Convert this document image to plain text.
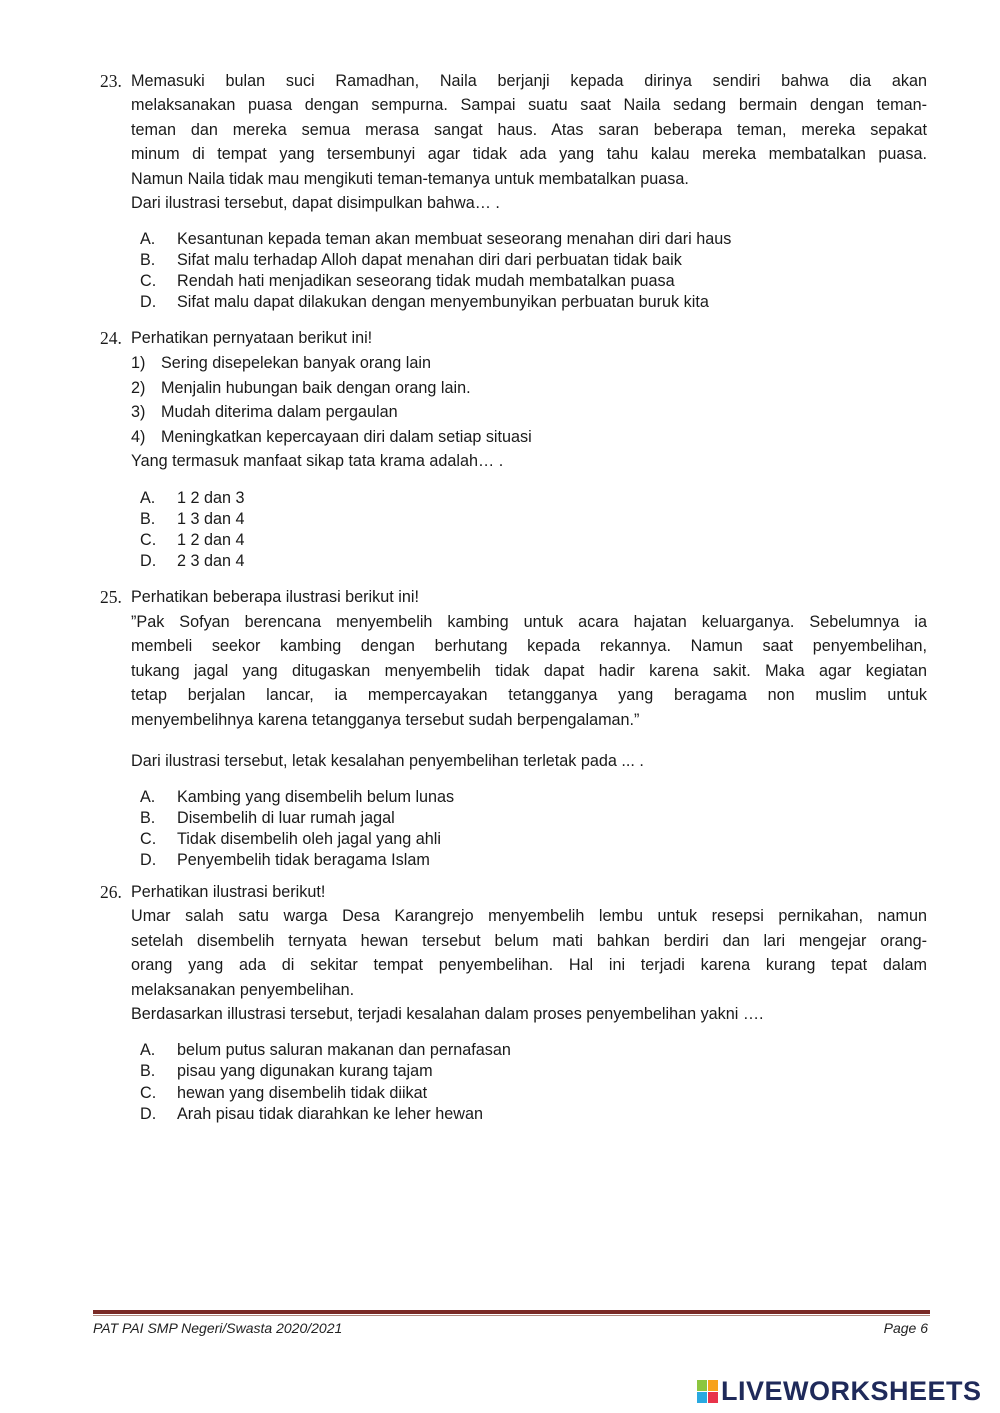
23. Memasuki bulan suci Ramadhan, Naila berjanji kepada dirinya sendiri bahwa dia akan
melaksanakan puasa dengan sempurna. Sampai suatu saat Naila sedang bermain dengan teman-
teman dan mereka semua merasa sangat haus. Atas saran beberapa teman, mereka sepakat
minum di tempat yang tersembunyi agar tidak ada yang tahu kalau mereka membatalkan puasa.
Namun Naila tidak mau mengikuti teman-temanya untuk membatalkan puasa.
Dari ilustrasi tersebut, dapat disimpulkan bahwa… .
A. Kesantunan kepada teman akan membuat seseorang menahan diri dari haus
B. Sifat malu terhadap Alloh dapat menahan diri dari perbuatan tidak baik
C. Rendah hati menjadikan seseorang tidak mudah membatalkan puasa
D. Sifat malu dapat dilakukan dengan menyembunyikan perbuatan buruk kita
24. Perhatikan pernyataan berikut ini!
1) Sering disepelekan banyak orang lain
2) Menjalin hubungan baik dengan orang lain.
3) Mudah diterima dalam pergaulan
4) Meningkatkan kepercayaan diri dalam setiap situasi
Yang termasuk manfaat sikap tata krama adalah… .
A. 1 2 dan 3
B. 1 3 dan 4
C. 1 2 dan 4
D. 2 3 dan 4
25. Perhatikan beberapa ilustrasi berikut ini!
”Pak Sofyan berencana menyembelih kambing untuk acara hajatan keluarganya. Sebelumnya ia
membeli seekor kambing dengan berhutang kepada rekannya. Namun saat penyembelihan,
tukang jagal yang ditugaskan menyembelih tidak dapat hadir karena sakit. Maka agar kegiatan
tetap berjalan lancar, ia mempercayakan tetangganya yang beragama non muslim untuk
menyembelihnya karena tetangganya tersebut sudah berpengalaman.”
Dari ilustrasi tersebut, letak kesalahan penyembelihan terletak pada ... .
A. Kambing yang disembelih belum lunas
B. Disembelih di luar rumah jagal
C. Tidak disembelih oleh jagal yang ahli
D. Penyembelih tidak beragama Islam
26. Perhatikan ilustrasi berikut!
Umar salah satu warga Desa Karangrejo menyembelih lembu untuk resepsi pernikahan, namun
setelah disembelih ternyata hewan tersebut belum mati bahkan berdiri dan lari mengejar orang-
orang yang ada di sekitar tempat penyembelihan. Hal ini terjadi karena kurang tepat dalam
melaksanakan penyembelihan.
Berdasarkan illustrasi tersebut, terjadi kesalahan dalam proses penyembelihan yakni ….
A. belum putus saluran makanan dan pernafasan
B. pisau yang digunakan kurang tajam
C. hewan yang disembelih tidak diikat
D. Arah pisau tidak diarahkan ke leher hewan
PAT PAI SMP Negeri/Swasta 2020/2021	Page 6
LIVEWORKSHEETS
